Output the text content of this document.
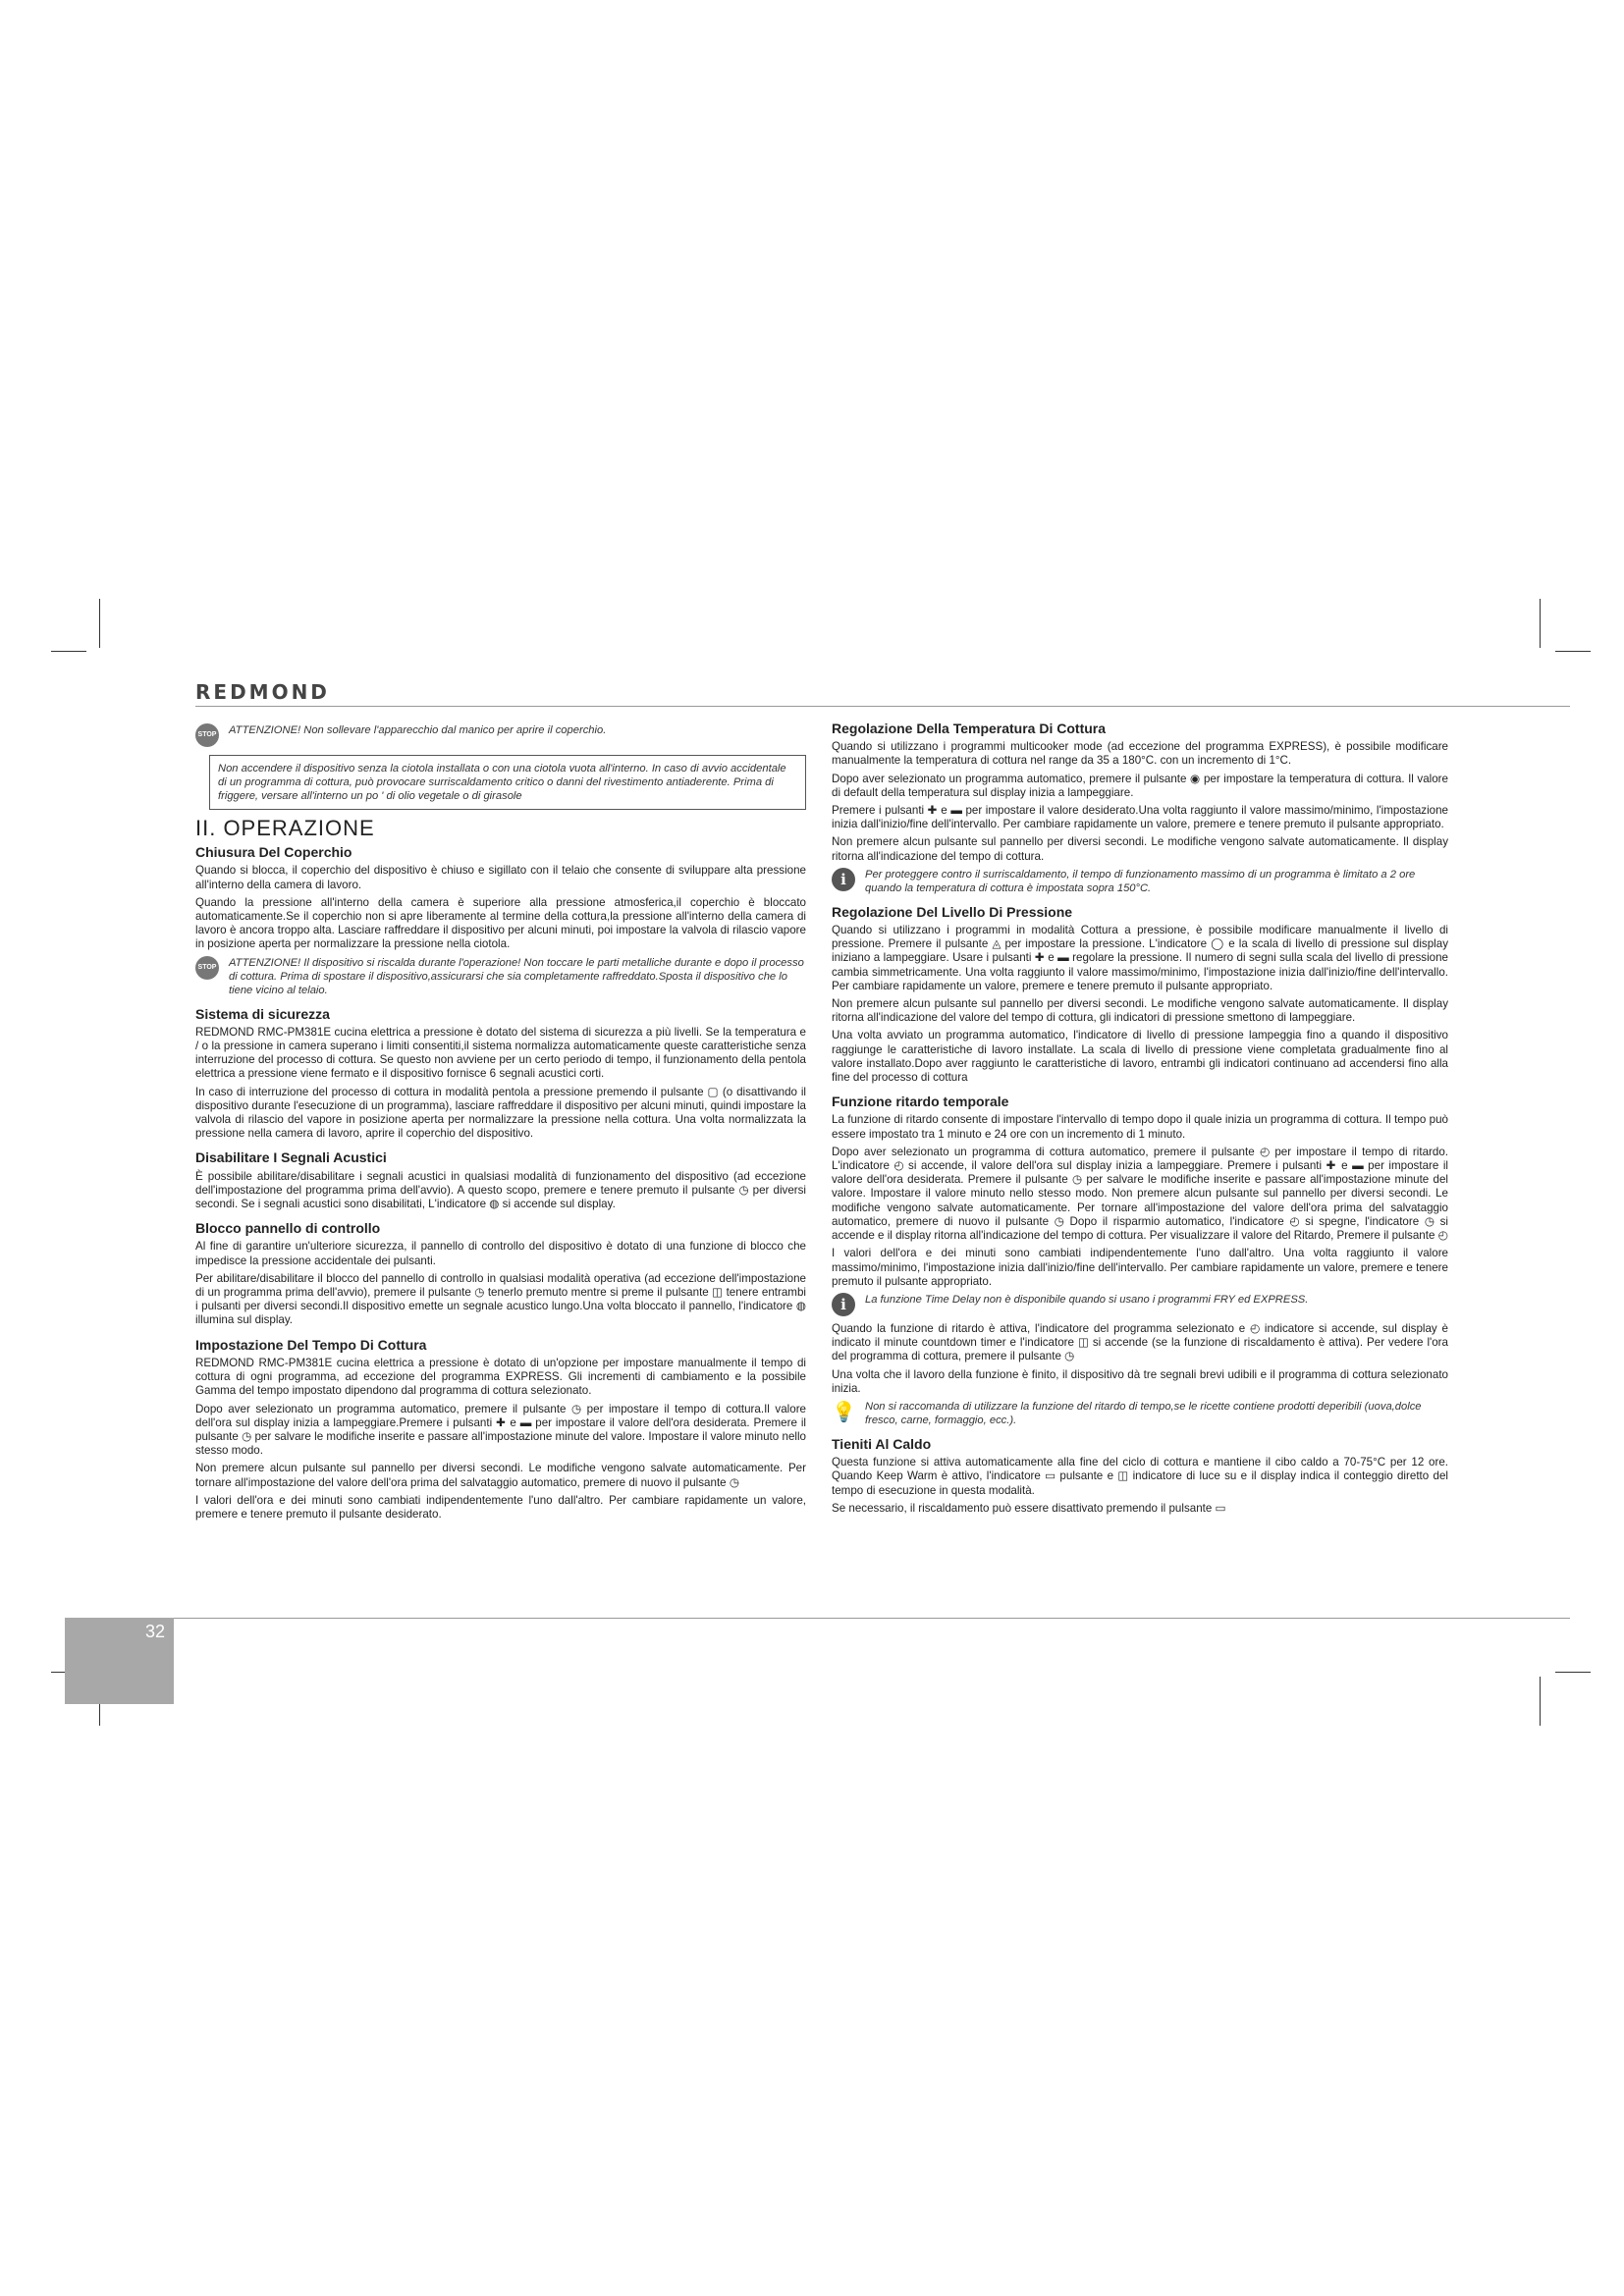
REDMOND
STOP ATTENZIONE! Non sollevare l'apparecchio dal manico per aprire il coperchio.
Non accendere il dispositivo senza la ciotola installata o con una ciotola vuota all'interno. In caso di avvio accidentale di un programma di cottura, può provocare surriscaldamento critico o danni del rivestimento antiaderente. Prima di friggere, versare all'interno un po ' di olio vegetale o di girasole
II. OPERAZIONE
Chiusura Del Coperchio

Quando si blocca, il coperchio del dispositivo è chiuso e sigillato con il telaio che consente di sviluppare alta pressione all'interno della camera di lavoro.

Quando la pressione all'interno della camera è superiore alla pressione atmosferica,il coperchio è bloccato automaticamente.Se il coperchio non si apre liberamente al termine della cottura,la pressione all'interno della camera di lavoro è ancora troppo alta. Lasciare raffreddare il dispositivo per alcuni minuti, poi impostare la valvola di rilascio vapore in posizione aperta per normalizzare la pressione nella ciotola.

STOP ATTENZIONE! Il dispositivo si riscalda durante l'operazione! Non toccare le parti metalliche durante e dopo il processo di cottura. Prima di spostare il dispositivo,assicurarsi che sia completamente raffreddato.Sposta il dispositivo che lo tiene vicino al telaio.
Sistema di sicurezza

REDMOND RMC-PM381E cucina elettrica a pressione è dotato del sistema di sicurezza a più livelli. Se la temperatura e / o la pressione in camera superano i limiti consentiti,il sistema normalizza automaticamente queste caratteristiche senza interruzione del processo di cottura. Se questo non avviene per un certo periodo di tempo, il funzionamento della pentola elettrica a pressione viene fermato e il dispositivo fornisce 6 segnali acustici corti.

In caso di interruzione del processo di cottura in modalità pentola a pressione premendo il pulsante ▢ (o disattivando il dispositivo durante l'esecuzione di un programma), lasciare raffreddare il dispositivo per alcuni minuti, quindi impostare la valvola di rilascio del vapore in posizione aperta per normalizzare la pressione nella cottura. Una volta normalizzata la pressione nella camera di lavoro, aprire il coperchio del dispositivo.

Disabilitare I Segnali Acustici

È possibile abilitare/disabilitare i segnali acustici in qualsiasi modalità di funzionamento del dispositivo (ad eccezione dell'impostazione del programma prima dell'avvio). A questo scopo, premere e tenere premuto il pulsante ◷ per diversi secondi. Se i segnali acustici sono disabilitati, L'indicatore ◍ si accende sul display.

Blocco pannello di controllo

Al fine di garantire un'ulteriore sicurezza, il pannello di controllo del dispositivo è dotato di una funzione di blocco che impedisce la pressione accidentale dei pulsanti.

Per abilitare/disabilitare il blocco del pannello di controllo in qualsiasi modalità operativa (ad eccezione dell'impostazione di un programma prima dell'avvio), premere il pulsante ◷ tenerlo premuto mentre si preme il pulsante ◫ tenere entrambi i pulsanti per diversi secondi.Il dispositivo emette un segnale acustico lungo.Una volta bloccato il pannello, l'indicatore ◍ illumina sul display.

Impostazione Del Tempo Di Cottura

REDMOND RMC-PM381E cucina elettrica a pressione è dotato di un'opzione per impostare manualmente il tempo di cottura di ogni programma, ad eccezione del programma EXPRESS. Gli incrementi di cambiamento e la possibile Gamma del tempo impostato dipendono dal programma di cottura selezionato.

Dopo aver selezionato un programma automatico, premere il pulsante ◷ per impostare il tempo di cottura.Il valore dell'ora sul display inizia a lampeggiare.Premere i pulsanti ✚ e ▬ per impostare il valore dell'ora desiderata. Premere il pulsante ◷ per salvare le modifiche inserite e passare all'impostazione minute del valore. Impostare il valore minuto nello stesso modo.

Non premere alcun pulsante sul pannello per diversi secondi. Le modifiche vengono salvate automaticamente. Per tornare all'impostazione del valore dell'ora prima del salvataggio automatico, premere di nuovo il pulsante ◷

I valori dell'ora e dei minuti sono cambiati indipendentemente l'uno dall'altro. Per cambiare rapidamente un valore, premere e tenere premuto il pulsante desiderato.

Regolazione Della Temperatura Di Cottura

Quando si utilizzano i programmi multicooker mode (ad eccezione del programma EXPRESS), è possibile modificare manualmente la temperatura di cottura nel range da 35 a 180°C. con un incremento di 1°C.

Dopo aver selezionato un programma automatico, premere il pulsante ◉ per impostare la temperatura di cottura. Il valore di default della temperatura sul display inizia a lampeggiare.

Premere i pulsanti ✚ e ▬ per impostare il valore desiderato.Una volta raggiunto il valore massimo/minimo, l'impostazione inizia dall'inizio/fine dell'intervallo. Per cambiare rapidamente un valore, premere e tenere premuto il pulsante appropriato.

Non premere alcun pulsante sul pannello per diversi secondi. Le modifiche vengono salvate automaticamente. Il display ritorna all'indicazione del tempo di cottura.

i	Per proteggere contro il surriscaldamento, il tempo di funzionamento massimo di un programma è limitato a 2 ore quando la temperatura di cottura è impostata sopra 150°C.
Regolazione Del Livello Di Pressione

Quando si utilizzano i programmi in modalità Cottura a pressione, è possibile modificare manualmente il livello di pressione. Premere il pulsante ◬ per impostare la pressione. L'indicatore ◯ e la scala di livello di pressione sul display iniziano a lampeggiare. Usare i pulsanti ✚ e ▬ regolare la pressione. Il numero di segni sulla scala del livello di pressione cambia simmetricamente. Una volta raggiunto il valore massimo/minimo, l'impostazione inizia dall'inizio/fine dell'intervallo. Per cambiare rapidamente un valore, premere e tenere premuto il pulsante appropriato.

Non premere alcun pulsante sul pannello per diversi secondi. Le modifiche vengono salvate automaticamente. Il display ritorna all'indicazione del valore del tempo di cottura, gli indicatori di pressione smettono di lampeggiare.

Una volta avviato un programma automatico, l'indicatore di livello di pressione lampeggia fino a quando il dispositivo raggiunge le caratteristiche di lavoro installate. La scala di livello di pressione viene completata gradualmente fino al valore installato.Dopo aver raggiunto le caratteristiche di lavoro, entrambi gli indicatori continuano ad accendersi fino alla fine del processo di cottura

Funzione ritardo temporale

La funzione di ritardo consente di impostare l'intervallo di tempo dopo il quale inizia un programma di cottura. Il tempo può essere impostato tra 1 minuto e 24 ore con un incremento di 1 minuto.

Dopo aver selezionato un programma di cottura automatico, premere il pulsante ◴ per impostare il tempo di ritardo. L'indicatore ◴ si accende, il valore dell'ora sul display inizia a lampeggiare. Premere i pulsanti ✚ e ▬ per impostare il valore dell'ora desiderata. Premere il pulsante ◷ per salvare le modifiche inserite e passare all'impostazione minute del valore. Impostare il valore minuto nello stesso modo. Non premere alcun pulsante sul pannello per diversi secondi. Le modifiche vengono salvate automaticamente. Per tornare all'impostazione del valore dell'ora prima del salvataggio automatico, premere di nuovo il pulsante ◷ Dopo il risparmio automatico, l'indicatore ◴ si spegne, l'indicatore ◷ si accende e il display ritorna all'indicazione del tempo di cottura. Per visualizzare il valore del Ritardo, Premere il pulsante ◴

I valori dell'ora e dei minuti sono cambiati indipendentemente l'uno dall'altro. Una volta raggiunto il valore massimo/minimo, l'impostazione inizia dall'inizio/fine dell'intervallo. Per cambiare rapidamente un valore, premere e tenere premuto il pulsante appropriato.

i	La funzione Time Delay non è disponibile quando si usano i programmi FRY ed EXPRESS.

Quando la funzione di ritardo è attiva, l'indicatore del programma selezionato e ◴ indicatore si accende, sul display è indicato il minute countdown timer e l'indicatore ◫ si accende (se la funzione di riscaldamento è attiva). Per vedere l'ora del programma di cottura, premere il pulsante ◷

Una volta che il lavoro della funzione è finito, il dispositivo dà tre segnali brevi udibili e il programma di cottura selezionato inizia.

💡 Non si raccomanda di utilizzare la funzione del ritardo di tempo,se le ricette contiene prodotti deperibili (uova,dolce fresco, carne, formaggio, ecc.).
Tieniti Al Caldo

Questa funzione si attiva automaticamente alla fine del ciclo di cottura e mantiene il cibo caldo a 70-75°C per 12 ore. Quando Keep Warm è attivo, l'indicatore ▭ pulsante e ◫ indicatore di luce su e il display indica il conteggio diretto del tempo di esecuzione in questa modalità.

Se necessario, il riscaldamento può essere disattivato premendo il pulsante ▭

32
